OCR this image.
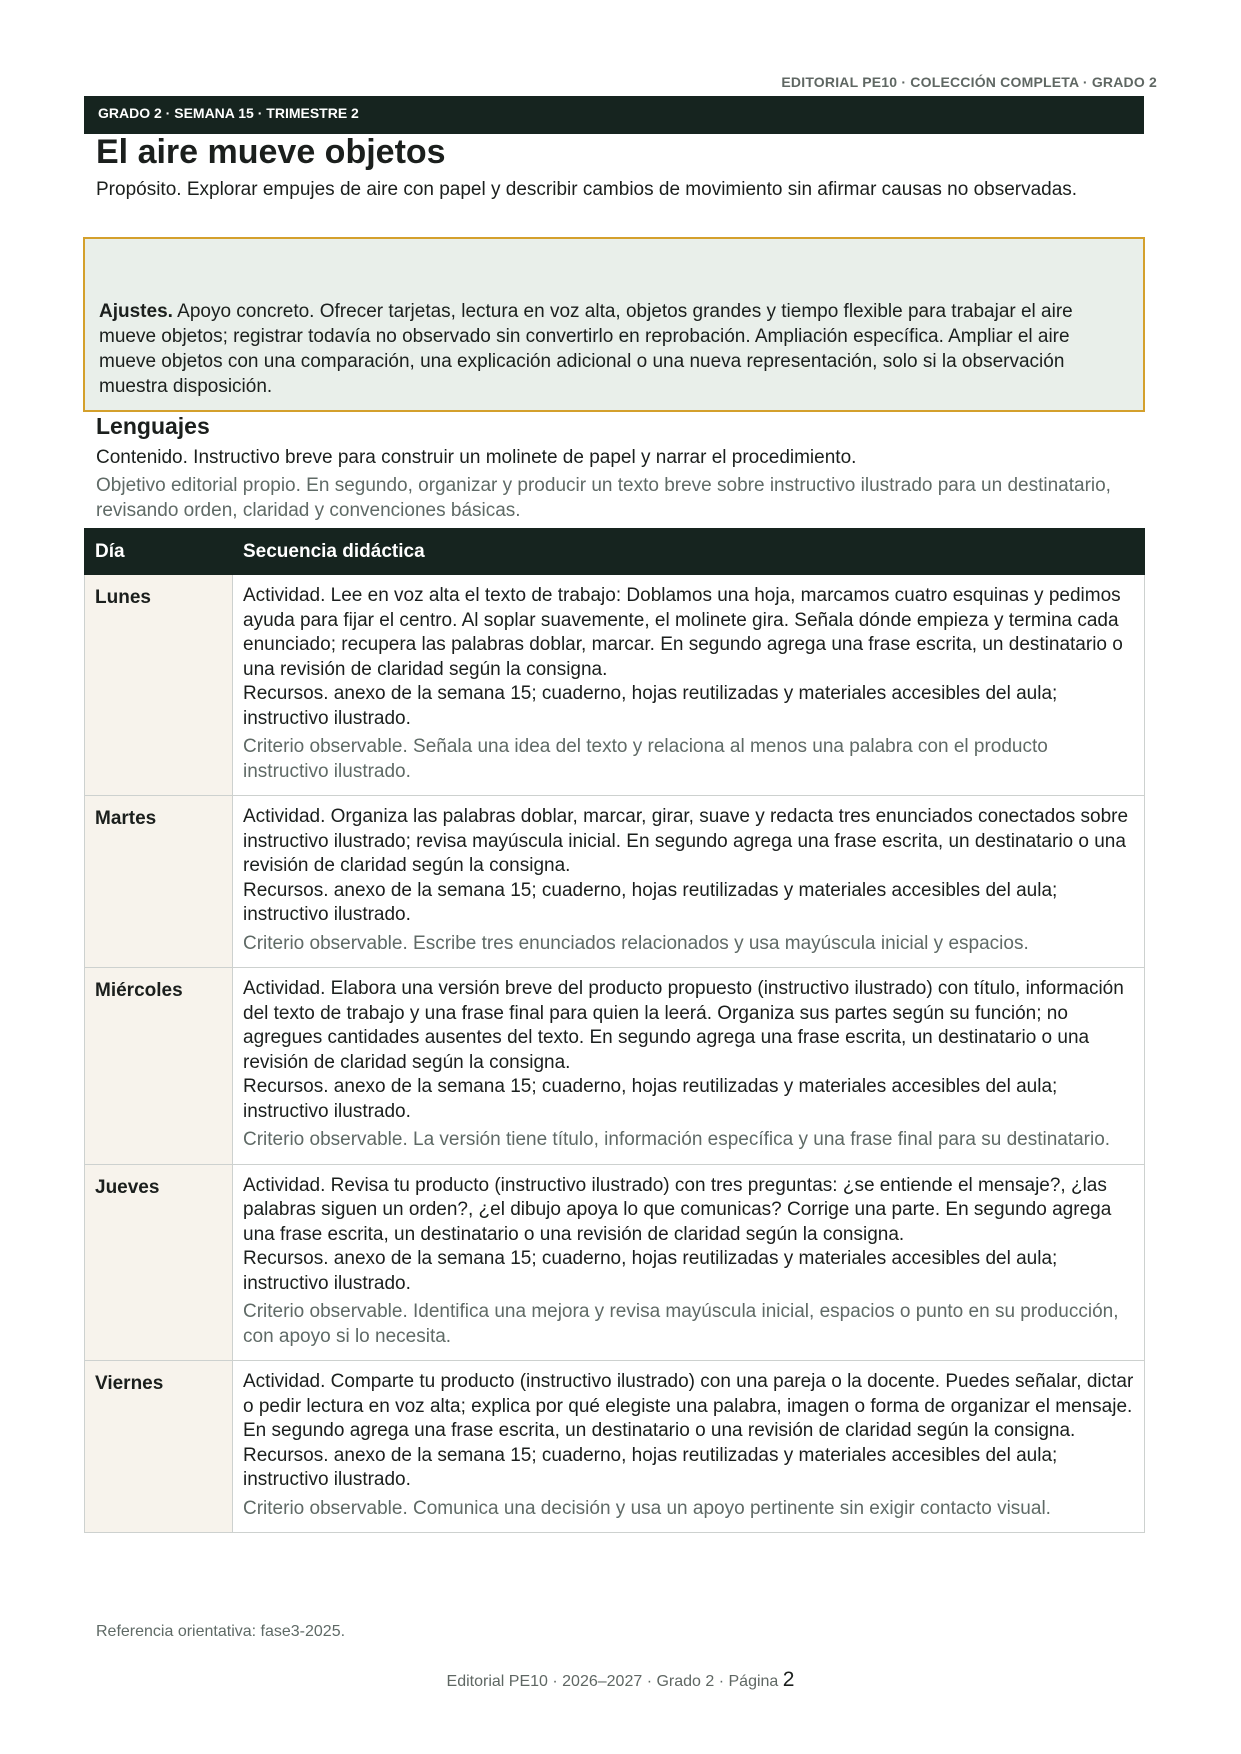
EDITORIAL PE10 · COLECCIÓN COMPLETA · GRADO 2
GRADO 2 · SEMANA 15 · TRIMESTRE 2
El aire mueve objetos
Propósito. Explorar empujes de aire con papel y describir cambios de movimiento sin afirmar causas no observadas.
Ajustes. Apoyo concreto. Ofrecer tarjetas, lectura en voz alta, objetos grandes y tiempo flexible para trabajar el aire mueve objetos; registrar todavía no observado sin convertirlo en reprobación. Ampliación específica. Ampliar el aire mueve objetos con una comparación, una explicación adicional o una nueva representación, solo si la observación muestra disposición.
Lenguajes
Contenido. Instructivo breve para construir un molinete de papel y narrar el procedimiento.
Objetivo editorial propio. En segundo, organizar y producir un texto breve sobre instructivo ilustrado para un destinatario, revisando orden, claridad y convenciones básicas.
Día	Secuencia didáctica
Lunes	Actividad. Lee en voz alta el texto de trabajo: Doblamos una hoja, marcamos cuatro esquinas y pedimos ayuda para fijar el centro. Al soplar suavemente, el molinete gira. Señala dónde empieza y termina cada enunciado; recupera las palabras doblar, marcar. En segundo agrega una frase escrita, un destinatario o una revisión de claridad según la consigna.
Recursos. anexo de la semana 15; cuaderno, hojas reutilizadas y materiales accesibles del aula; instructivo ilustrado.
Criterio observable. Señala una idea del texto y relaciona al menos una palabra con el producto instructivo ilustrado.

Martes	Actividad. Organiza las palabras doblar, marcar, girar, suave y redacta tres enunciados conectados sobre instructivo ilustrado; revisa mayúscula inicial. En segundo agrega una frase escrita, un destinatario o una revisión de claridad según la consigna.
Recursos. anexo de la semana 15; cuaderno, hojas reutilizadas y materiales accesibles del aula; instructivo ilustrado.
Criterio observable. Escribe tres enunciados relacionados y usa mayúscula inicial y espacios.

Miércoles	Actividad. Elabora una versión breve del producto propuesto (instructivo ilustrado) con título, información del texto de trabajo y una frase final para quien la leerá. Organiza sus partes según su función; no agregues cantidades ausentes del texto. En segundo agrega una frase escrita, un destinatario o una revisión de claridad según la consigna.
Recursos. anexo de la semana 15; cuaderno, hojas reutilizadas y materiales accesibles del aula; instructivo ilustrado.
Criterio observable. La versión tiene título, información específica y una frase final para su destinatario.

Jueves	Actividad. Revisa tu producto (instructivo ilustrado) con tres preguntas: ¿se entiende el mensaje?, ¿las palabras siguen un orden?, ¿el dibujo apoya lo que comunicas? Corrige una parte. En segundo agrega una frase escrita, un destinatario o una revisión de claridad según la consigna.
Recursos. anexo de la semana 15; cuaderno, hojas reutilizadas y materiales accesibles del aula; instructivo ilustrado.
Criterio observable. Identifica una mejora y revisa mayúscula inicial, espacios o punto en su producción, con apoyo si lo necesita.

Viernes	Actividad. Comparte tu producto (instructivo ilustrado) con una pareja o la docente. Puedes señalar, dictar o pedir lectura en voz alta; explica por qué elegiste una palabra, imagen o forma de organizar el mensaje. En segundo agrega una frase escrita, un destinatario o una revisión de claridad según la consigna.
Recursos. anexo de la semana 15; cuaderno, hojas reutilizadas y materiales accesibles del aula; instructivo ilustrado.
Criterio observable. Comunica una decisión y usa un apoyo pertinente sin exigir contacto visual.
Referencia orientativa: fase3-2025.
Editorial PE10 · 2026–2027 · Grado 2 · Página 2
